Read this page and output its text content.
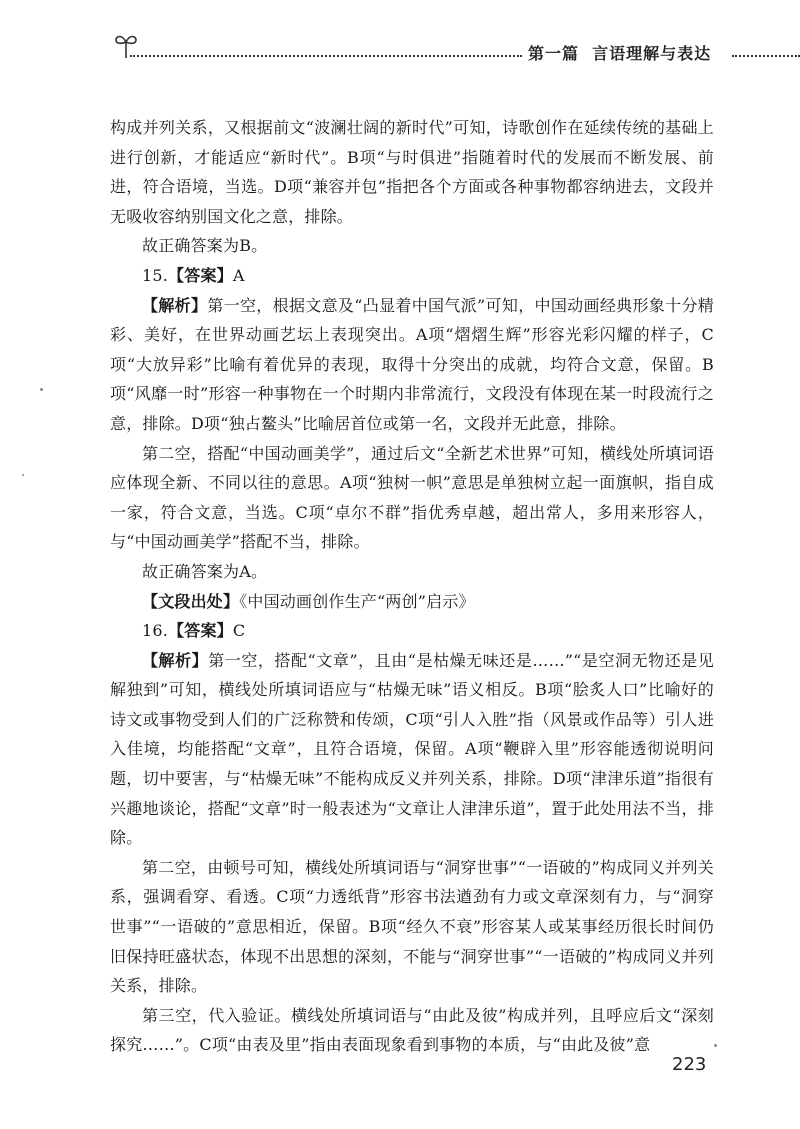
第一篇 言语理解与表达

构成并列关系，又根据前文“波澜壮阔的新时代”可知，诗歌创作在延续传统的基础上进行创新，才能适应“新时代”。B项“与时俱进”指随着时代的发展而不断发展、前进，符合语境，当选。D项“兼容并包”指把各个方面或各种事物都容纳进去，文段并无吸收容纳别国文化之意，排除。

故正确答案为B。

15.【答案】A

【解析】第一空，根据文意及“凸显着中国气派”可知，中国动画经典形象十分精彩、美好，在世界动画艺坛上表现突出。A项“熠熠生辉”形容光彩闪耀的样子，C项“大放异彩”比喻有着优异的表现，取得十分突出的成就，均符合文意，保留。B项“风靡一时”形容一种事物在一个时期内非常流行，文段没有体现在某一时段流行之意，排除。D项“独占鳌头”比喻居首位或第一名，文段并无此意，排除。

第二空，搭配“中国动画美学”，通过后文“全新艺术世界”可知，横线处所填词语应体现全新、不同以往的意思。A项“独树一帜”意思是单独树立起一面旗帜，指自成一家，符合文意，当选。C项“卓尔不群”指优秀卓越，超出常人，多用来形容人，与“中国动画美学”搭配不当，排除。

故正确答案为A。

【文段出处】《中国动画创作生产“两创”启示》

16.【答案】C

【解析】第一空，搭配“文章”，且由“是枯燥无味还是……”“是空洞无物还是见解独到”可知，横线处所填词语应与“枯燥无味”语义相反。B项“脍炙人口”比喻好的诗文或事物受到人们的广泛称赞和传颂，C项“引人入胜”指（风景或作品等）引人进入佳境，均能搭配“文章”，且符合语境，保留。A项“鞭辟入里”形容能透彻说明问题，切中要害，与“枯燥无味”不能构成反义并列关系，排除。D项“津津乐道”指很有兴趣地谈论，搭配“文章”时一般表述为“文章让人津津乐道”，置于此处用法不当，排除。

第二空，由顿号可知，横线处所填词语与“洞穿世事”“一语破的”构成同义并列关系，强调看穿、看透。C项“力透纸背”形容书法遒劲有力或文章深刻有力，与“洞穿世事”“一语破的”意思相近，保留。B项“经久不衰”形容某人或某事经历很长时间仍旧保持旺盛状态，体现不出思想的深刻，不能与“洞穿世事”“一语破的”构成同义并列关系，排除。

第三空，代入验证。横线处所填词语与“由此及彼”构成并列，且呼应后文“深刻探究……”。C项“由表及里”指由表面现象看到事物的本质，与“由此及彼”意

223
